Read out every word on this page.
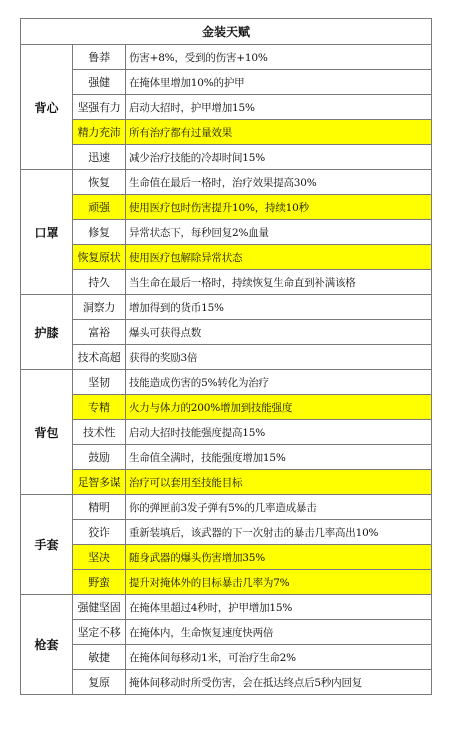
金装天赋		
背心	鲁莽	伤害+8%，受到的伤害+10%
	强健	在掩体里增加10%的护甲
	坚强有力	启动大招时，护甲增加15%
	精力充沛	所有治疗都有过量效果
	迅速	减少治疗技能的冷却时间15%
口罩	恢复	生命值在最后一格时，治疗效果提高30%
	顽强	使用医疗包时伤害提升10%，持续10秒
	修复	异常状态下，每秒回复2%血量
	恢复原状	使用医疗包解除异常状态
	持久	当生命在最后一格时，持续恢复生命直到补满该格
护膝	洞察力	增加得到的货币15%
	富裕	爆头可获得点数
	技术高超	获得的奖励3倍
背包	坚韧	技能造成伤害的5%转化为治疗
	专精	火力与体力的200%增加到技能强度
	技术性	启动大招时技能强度提高15%
	鼓励	生命值全满时，技能强度增加15%
	足智多谋	治疗可以套用至技能目标
手套	精明	你的弹匣前3发子弹有5%的几率造成暴击
	狡诈	重新装填后，该武器的下一次射击的暴击几率高出10%
	坚决	随身武器的爆头伤害增加35%
	野蛮	提升对掩体外的目标暴击几率为7%
枪套	强健坚固	在掩体里超过4秒时，护甲增加15%
	坚定不移	在掩体内，生命恢复速度快两倍
	敏捷	在掩体间每移动1米，可治疗生命2%
	复原	掩体间移动时所受伤害，会在抵达终点后5秒内回复
